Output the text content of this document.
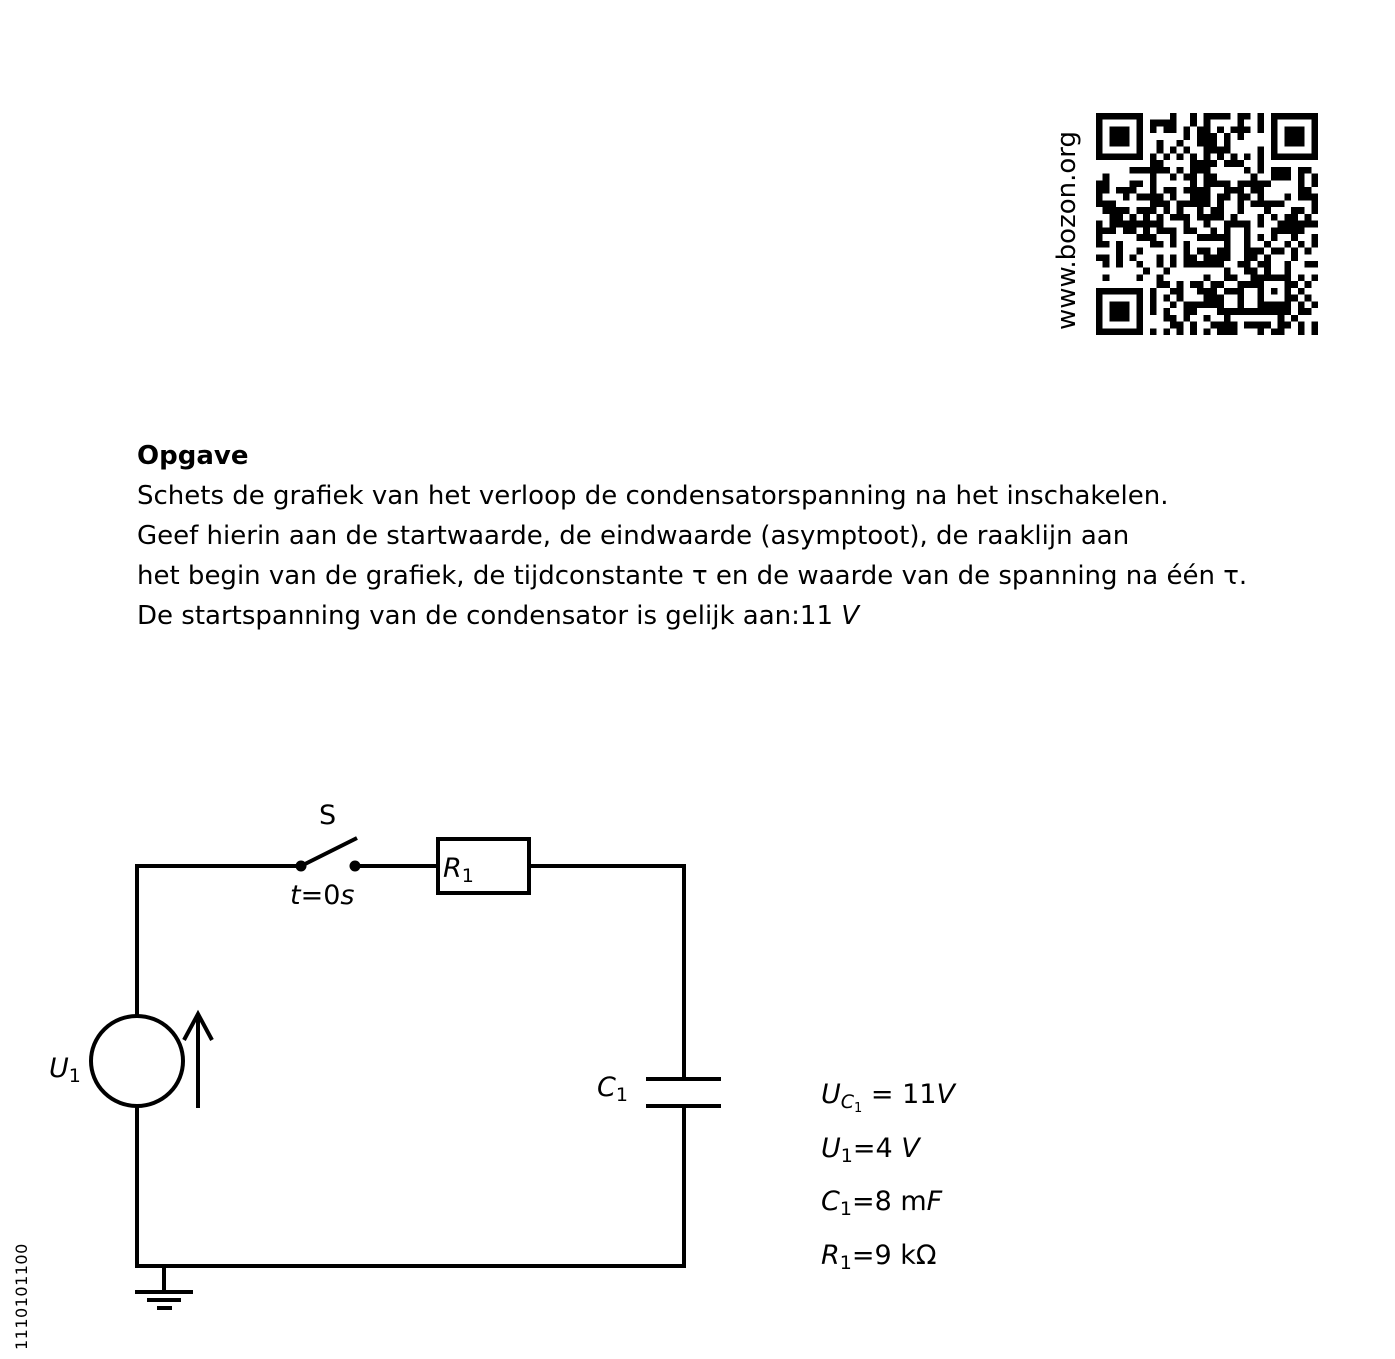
www.bozon.org
Opgave
Schets de grafiek van het verloop de condensatorspanning na het inschakelen.
Geef hierin aan de startwaarde, de eindwaarde (asymptoot), de raaklijn aan
het begin van de grafiek, de tijdconstante τ en de waarde van de spanning na één τ.
De startspanning van de condensator is gelijk aan:11 V
S
t=0s
$R_1$
$C_1$
$U_1$
$U_{C_1} = 11V$
$U_1=4$ V
$C_1=8$ mF
$R_1=9$ kΩ
1110101100
